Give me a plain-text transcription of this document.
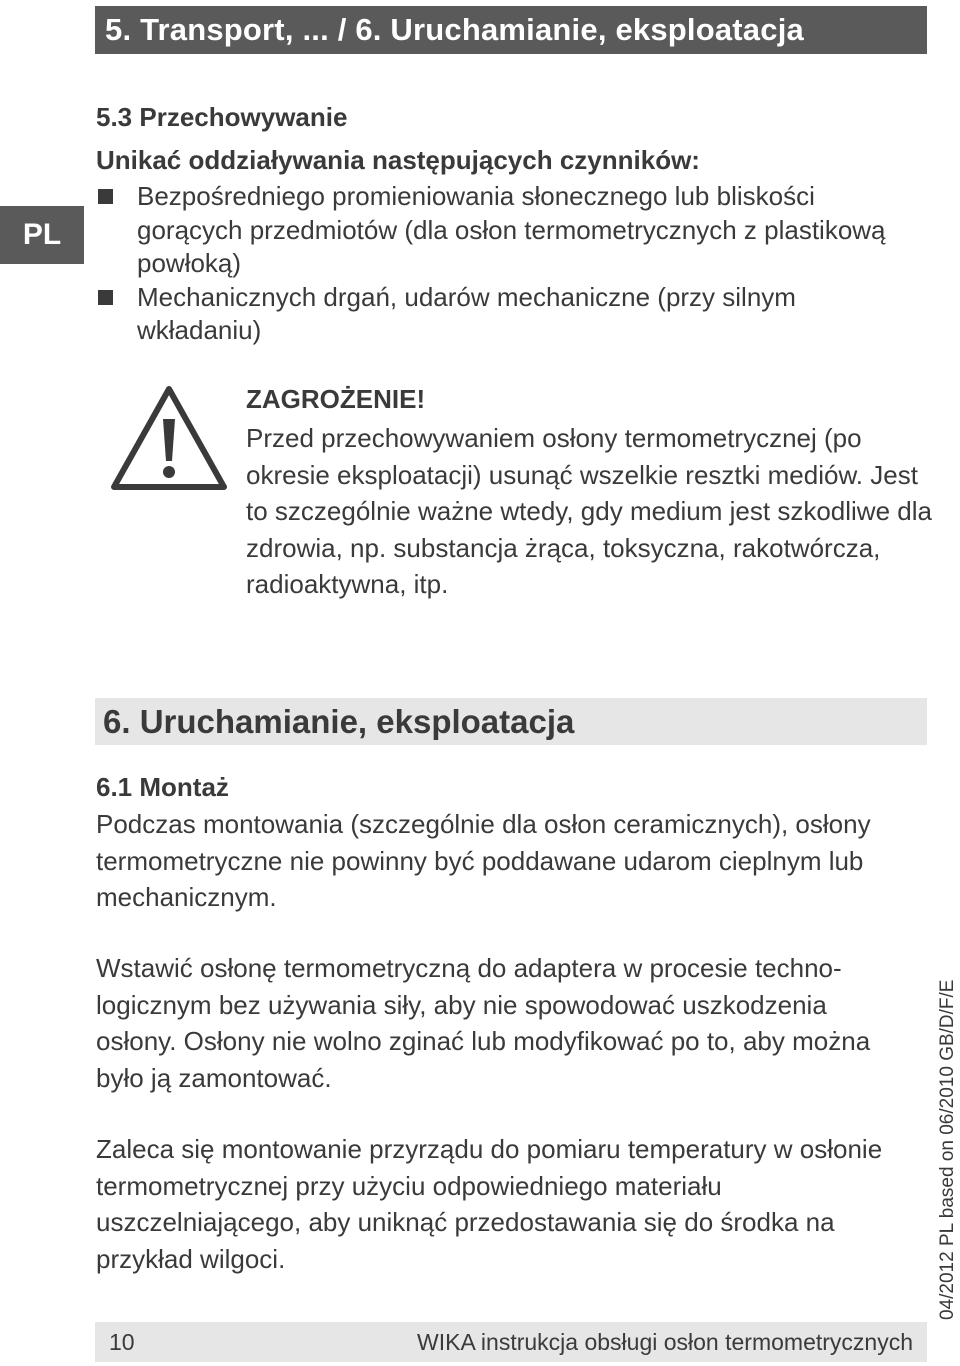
5. Transport, ... / 6. Uruchamianie, eksploatacja
PL
5.3 Przechowywanie
Unikać oddziaływania następujących czynników:
Bezpośredniego promieniowania słonecznego lub bliskości gorących przedmiotów (dla osłon termometrycznych z plastikową powłoką)
Mechanicznych drgań, udarów mechaniczne (przy silnym wkładaniu)
ZAGROŻENIE!
Przed przechowywaniem osłony termometrycznej (po okresie eksploatacji) usunąć wszelkie resztki mediów. Jest to szczególnie ważne wtedy, gdy medium jest szkodliwe dla zdrowia, np. substancja żrąca, toksyczna, rakotwórcza, radioaktywna, itp.
6. Uruchamianie, eksploatacja
6.1 Montaż
Podczas montowania (szczególnie dla osłon ceramicznych), osłony termometryczne nie powinny być poddawane udarom cieplnym lub mechanicznym.
Wstawić osłonę termometryczną do adaptera w procesie techno-logicznym bez używania siły, aby nie spowodować uszkodzenia osłony. Osłony nie wolno zginać lub modyfikować po to, aby można było ją zamontować.
Zaleca się montowanie przyrządu do pomiaru temperatury w osłonie termometrycznej przy użyciu odpowiedniego materiału uszczelniającego, aby uniknąć przedostawania się do środka na przykład wilgoci.	04/2012 PL based on 06/2010 GB/D/F/E
10	WIKA instrukcja obsługi osłon termometrycznych
